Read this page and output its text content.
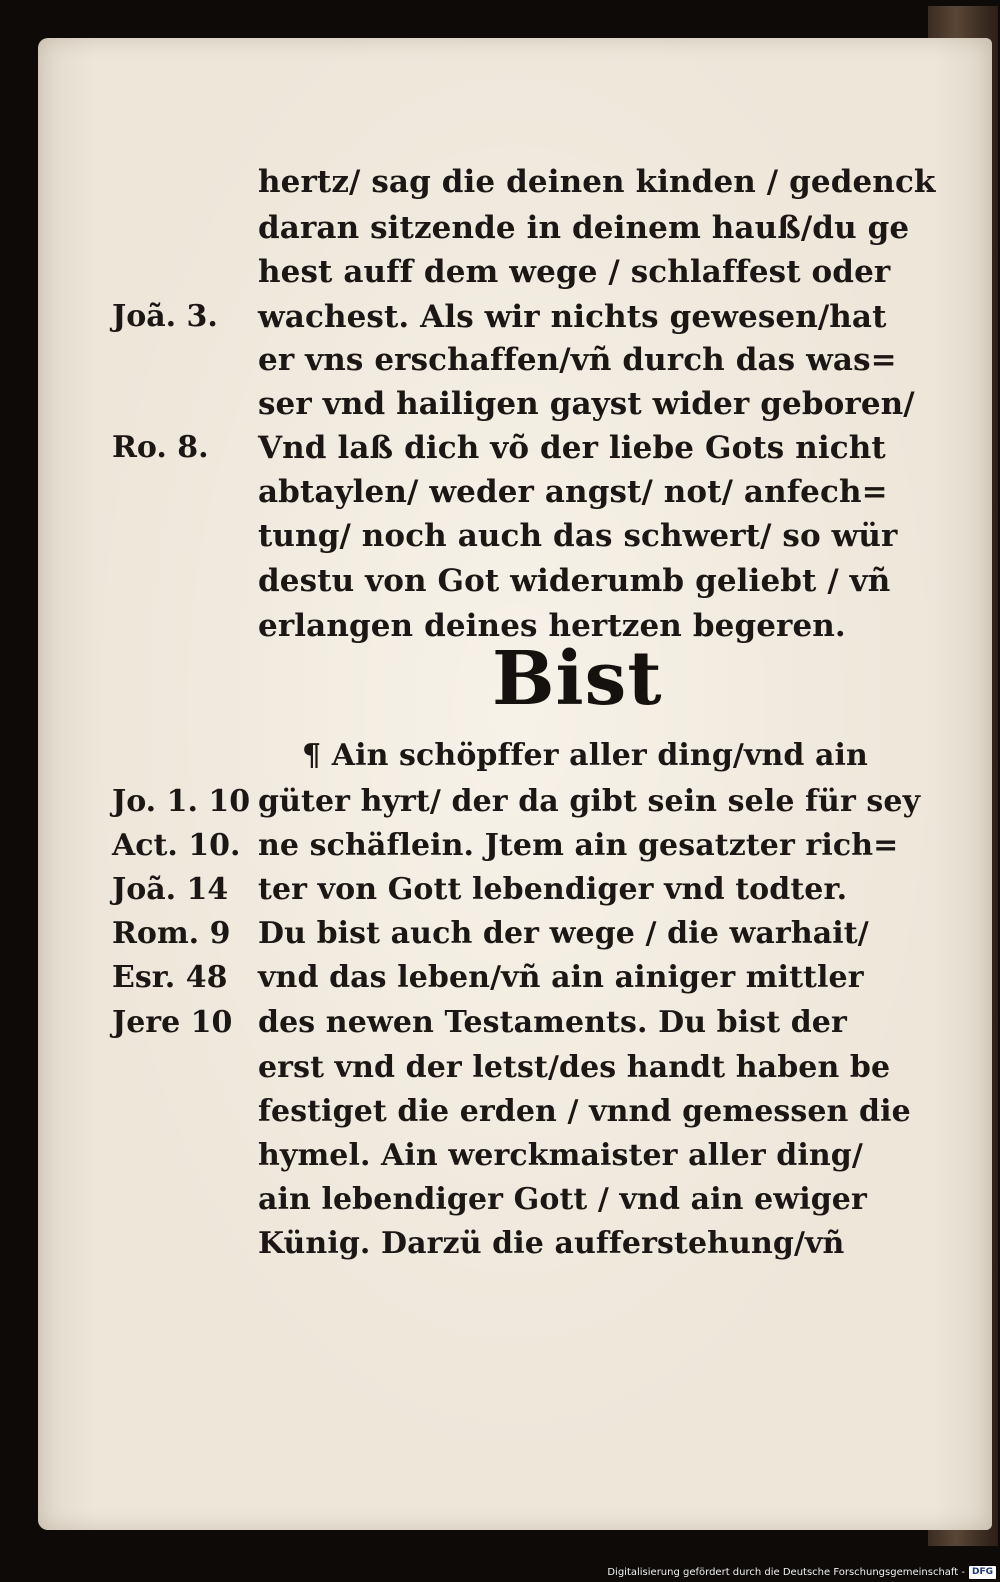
hertz/ sag die deinen kinden / gedenck
daran sitzende in deinem hauß/du ge
hest auff dem wege / schlaffest oder
wachest. Als wir nichts gewesen/hat
er vns erschaffen/vñ durch das was=
ser vnd hailigen gayst wider geboren/
Vnd laß dich võ der liebe Gots nicht
abtaylen/ weder angst/ not/ anfech=
tung/ noch auch das schwert/ so wür
destu von Got widerumb geliebt / vñ
erlangen deines hertzen begeren.
Bist
¶ Ain schöpffer aller ding/vnd ain
güter hyrt/ der da gibt sein sele für sey
ne schäflein. Jtem ain gesatzter rich=
ter von Gott lebendiger vnd todter.
Du bist auch der wege / die warhait/
vnd das leben/vñ ain ainiger mittler
des newen Testaments. Du bist der
erst vnd der letst/des handt haben be
festiget die erden / vnnd gemessen die
hymel. Ain werckmaister aller ding/
ain lebendiger Gott / vnd ain ewiger
Künig. Darzü die aufferstehung/vñ
Joã. 3.
Ro. 8.
Jo. 1. 10
Act. 10.
Joã. 14
Rom. 9
Esr. 48
Jere 10
Digitalisierung gefördert durch die Deutsche Forschungsgemeinschaft - DFG
